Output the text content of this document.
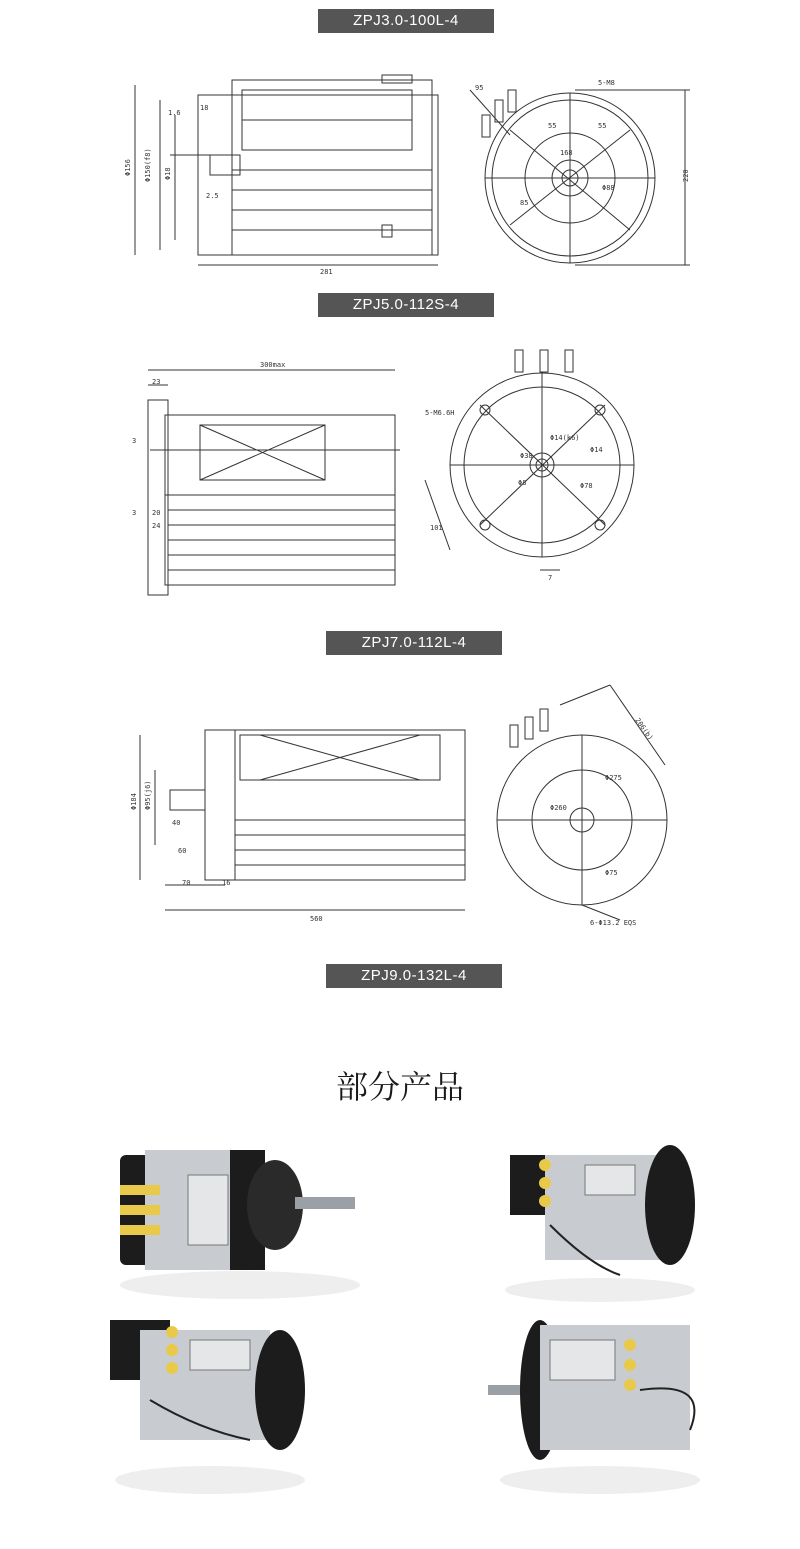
ZPJ3.0-100L-4
281
Φ156 Φ150(f8) Φ18
18
2.5
1.6
220
5-M8
Φ88
55	55
85
95
168
ZPJ5.0-112S-4
300max
23
3
20
3
24
5-M6.6H
Φ14(k6)
Φ78
Φ38
Φ8
Φ14
101
7
ZPJ7.0-112L-4
560
Φ184 Φ95(j6)
40
60
70	16
206(b)
Φ260
Φ275
6-Φ13.2 EQS
Φ75
ZPJ9.0-132L-4
部分产品
